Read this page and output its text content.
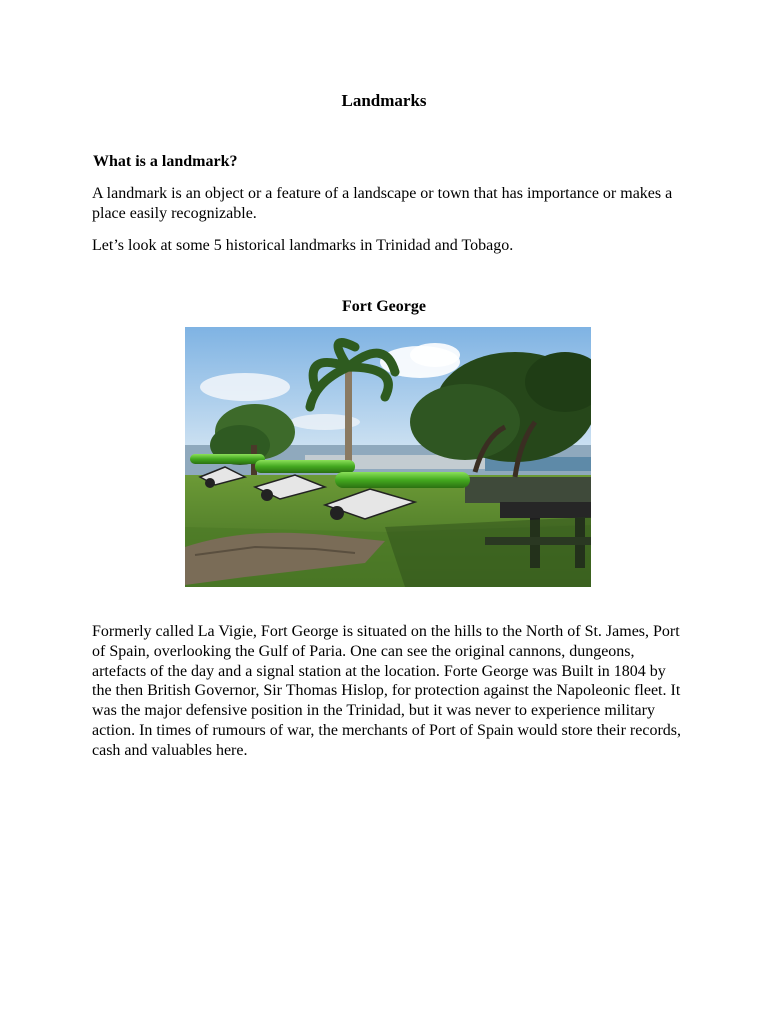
Landmarks
What is a landmark?

A landmark is an object or a feature of a landscape or town that has importance or makes a place easily recognizable.

Let’s look at some 5 historical landmarks in Trinidad and Tobago.

Fort George

Formerly called La Vigie, Fort George is situated on the hills to the North of St. James, Port of Spain, overlooking the Gulf of Paria. One can see the original cannons, dungeons, artefacts of the day and a signal station at the location. Forte George was Built in 1804 by the then British Governor, Sir Thomas Hislop, for protection against the Napoleonic fleet. It was the major defensive position in the Trinidad, but it was never to experience military action. In times of rumours of war, the merchants of Port of Spain would store their records, cash and valuables here.
